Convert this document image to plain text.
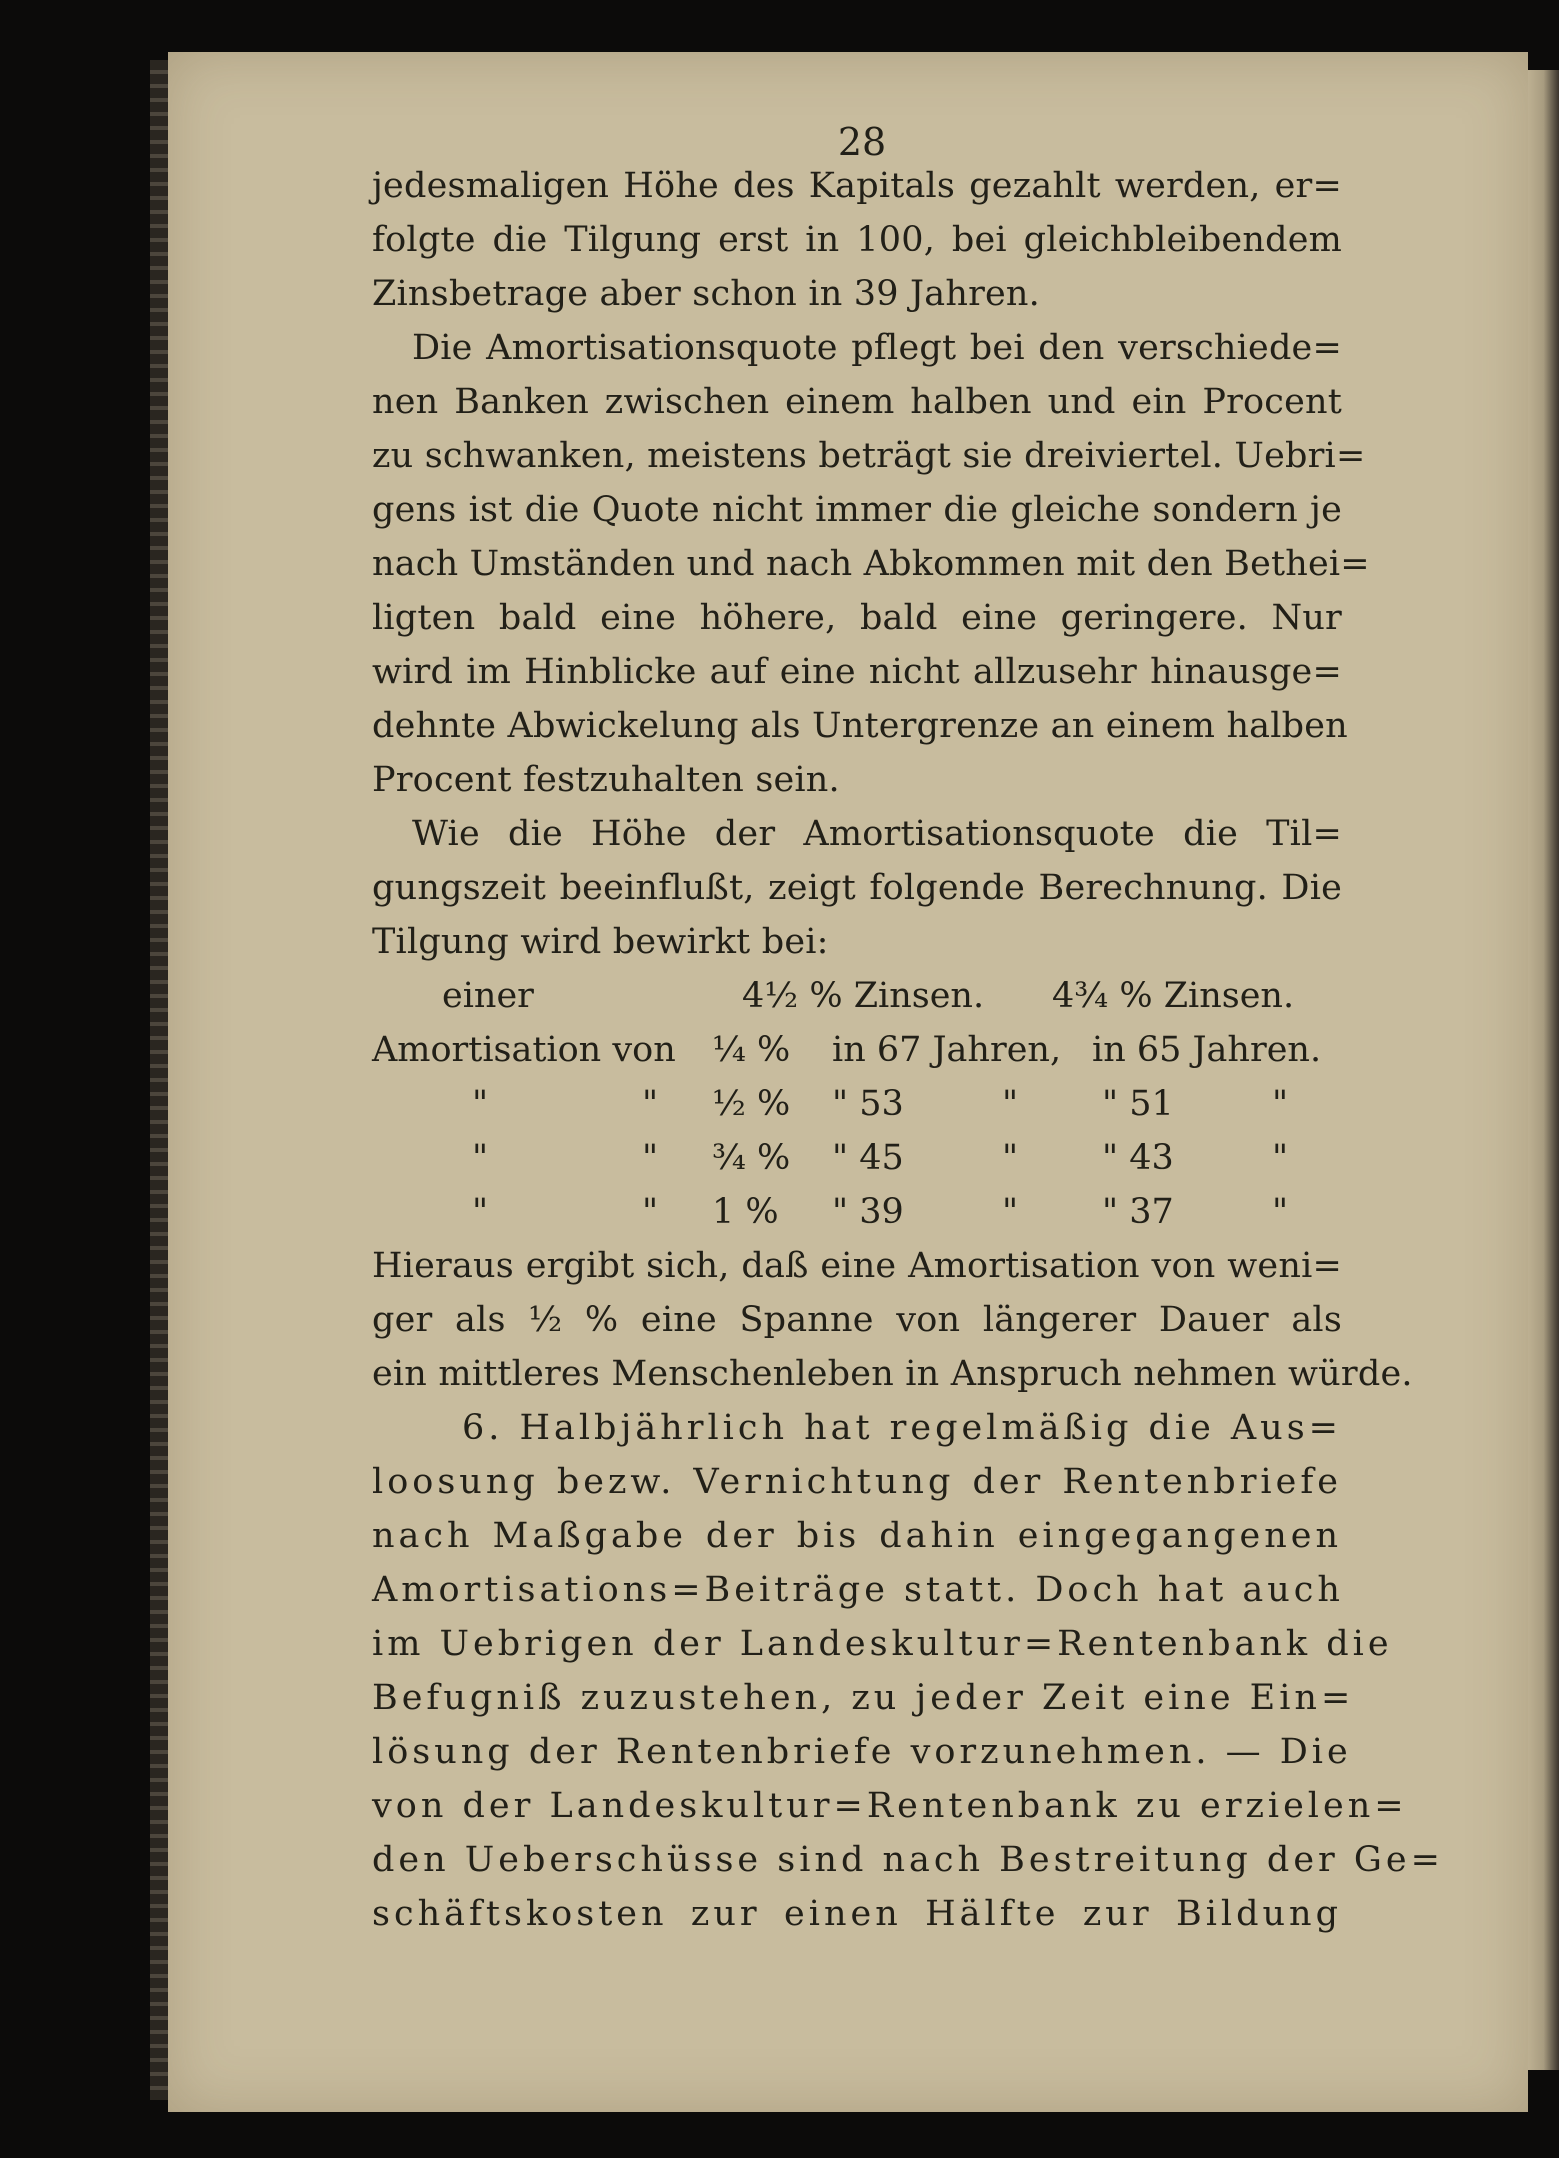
28
jedesmaligen Höhe des Kapitals gezahlt werden, er=
folgte die Tilgung erst in 100, bei gleichbleibendem
Zinsbetrage aber schon in 39 Jahren.
Die Amortisationsquote pflegt bei den verschiede=
nen Banken zwischen einem halben und ein Procent
zu schwanken, meistens beträgt sie dreiviertel. Uebri=
gens ist die Quote nicht immer die gleiche sondern je
nach Umständen und nach Abkommen mit den Bethei=
ligten bald eine höhere, bald eine geringere. Nur
wird im Hinblicke auf eine nicht allzusehr hinausge=
dehnte Abwickelung als Untergrenze an einem halben
Procent festzuhalten sein.
Wie die Höhe der Amortisationsquote die Til=
gungszeit beeinflußt, zeigt folgende Berechnung. Die
Tilgung wird bewirkt bei:
einer	4½ % Zinsen. 4¾ % Zinsen.
Amortisation von ¼ % in 67 Jahren, in 65 Jahren.
"	" ½ % " 53	" " 51	"
"	" ¾ % " 45	" " 43	"
"	" 1 % " 39	" " 37	"
Hieraus ergibt sich, daß eine Amortisation von weni=
ger als ½ % eine Spanne von längerer Dauer als
ein mittleres Menschenleben in Anspruch nehmen würde.
6. Halbjährlich hat regelmäßig die Aus=
loosung bezw. Vernichtung der Rentenbriefe
nach Maßgabe der bis dahin eingegangenen
Amortisations=Beiträge statt. Doch hat auch
im Uebrigen der Landeskultur=Rentenbank die
Befugniß zuzustehen, zu jeder Zeit eine Ein=
lösung der Rentenbriefe vorzunehmen. — Die
von der Landeskultur=Rentenbank zu erzielen=
den Ueberschüsse sind nach Bestreitung der Ge=
schäftskosten zur einen Hälfte zur Bildung
